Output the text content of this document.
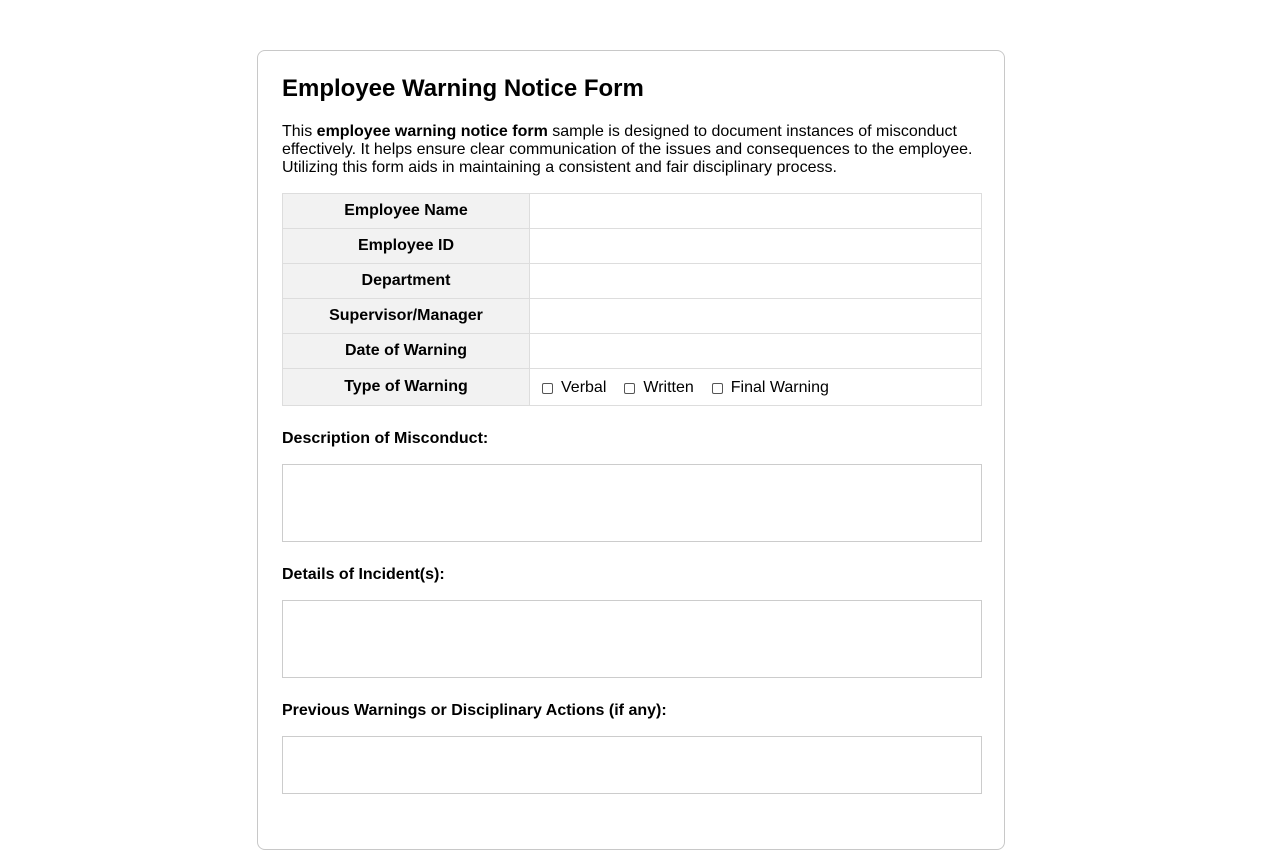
Employee Warning Notice Form

This employee warning notice form sample is designed to document instances of misconduct effectively. It helps ensure clear communication of the issues and consequences to the employee. Utilizing this form aids in maintaining a consistent and fair disciplinary process.

Employee Name	
Employee ID	
Department	
Supervisor/Manager	
Date of Warning	
Type of Warning	Verbal Written Final Warning
Description of Misconduct:
Details of Incident(s):
Previous Warnings or Disciplinary Actions (if any):
